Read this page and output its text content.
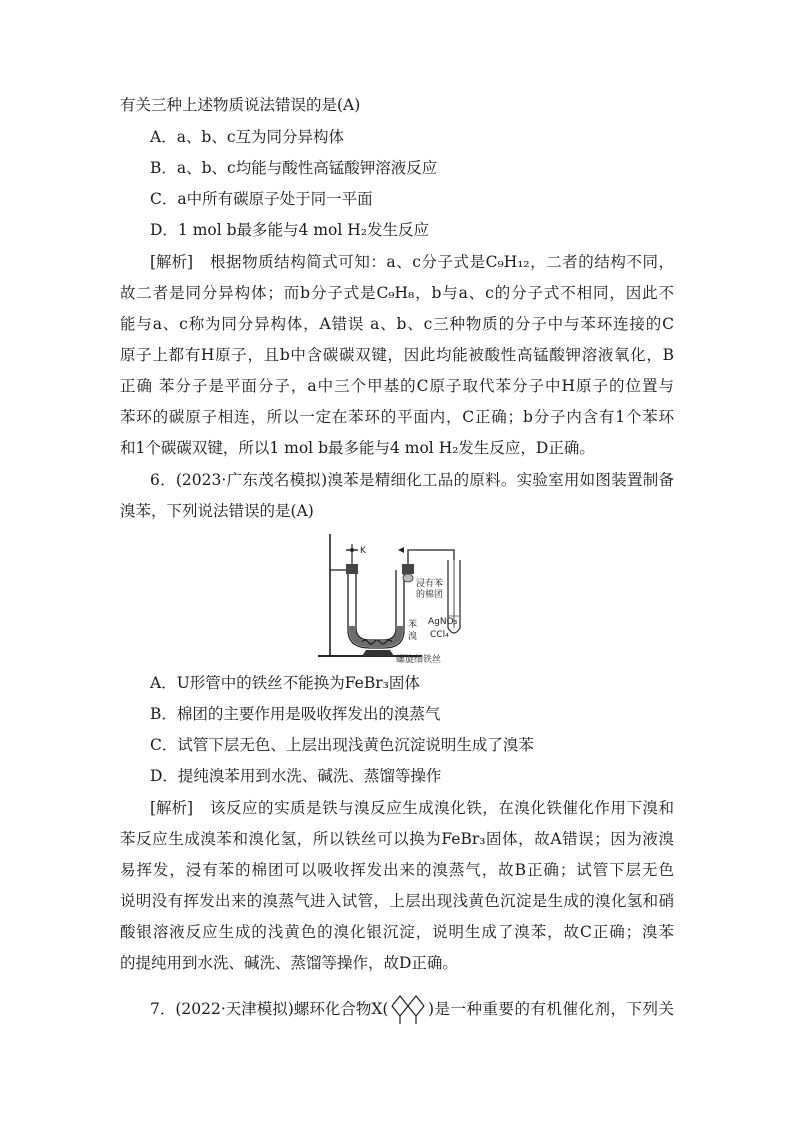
有关三种上述物质说法错误的是(A)
A．a、b、c互为同分异构体
B．a、b、c均能与酸性高锰酸钾溶液反应
C．a中所有碳原子处于同一平面
D．1 mol b最多能与4 mol H₂发生反应
[解析] 根据物质结构简式可知：a、c分子式是C₉H₁₂，二者的结构不同，
故二者是同分异构体；而b分子式是C₉H₈，b与a、c的分子式不相同，因此不
能与a、c称为同分异构体，A错误 a、b、c三种物质的分子中与苯环连接的C
原子上都有H原子，且b中含碳碳双键，因此均能被酸性高锰酸钾溶液氧化，B
正确 苯分子是平面分子，a中三个甲基的C原子取代苯分子中H原子的位置与
苯环的碳原子相连，所以一定在苯环的平面内，C正确；b分子内含有1个苯环
和1个碳碳双键，所以1 mol b最多能与4 mol H₂发生反应，D正确。
6．(2023·广东茂名模拟)溴苯是精细化工品的原料。实验室用如图装置制备
溴苯，下列说法错误的是(A)
K
浸有苯
的棉团
AgNO₃
CCl₄
苯
溴
螺旋细铁丝
A．U形管中的铁丝不能换为FeBr₃固体
B．棉团的主要作用是吸收挥发出的溴蒸气
C．试管下层无色、上层出现浅黄色沉淀说明生成了溴苯
D．提纯溴苯用到水洗、碱洗、蒸馏等操作
[解析] 该反应的实质是铁与溴反应生成溴化铁，在溴化铁催化作用下溴和
苯反应生成溴苯和溴化氢，所以铁丝可以换为FeBr₃固体，故A错误；因为液溴
易挥发，浸有苯的棉团可以吸收挥发出来的溴蒸气，故B正确；试管下层无色
说明没有挥发出来的溴蒸气进入试管，上层出现浅黄色沉淀是生成的溴化氢和硝
酸银溶液反应生成的浅黄色的溴化银沉淀，说明生成了溴苯，故C正确；溴苯
的提纯用到水洗、碱洗、蒸馏等操作，故D正确。
7．(2022·天津模拟)螺环化合物X(	)是一种重要的有机催化剂，下列关
